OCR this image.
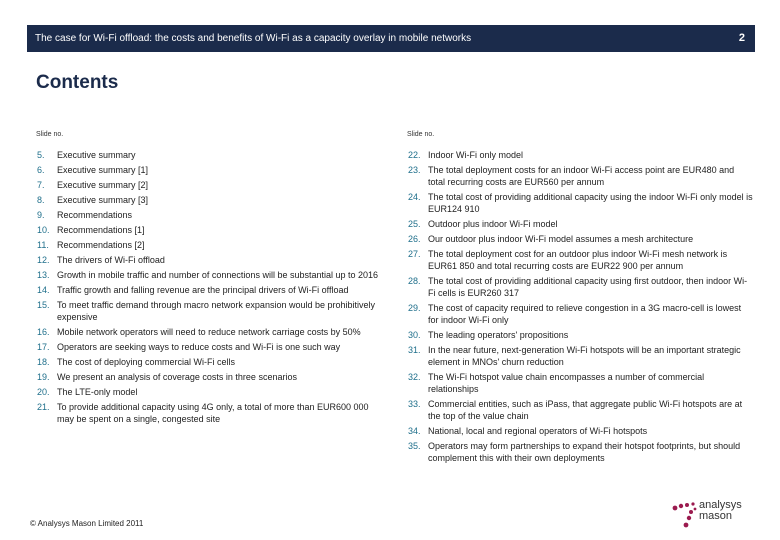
The case for Wi-Fi offload: the costs and benefits of Wi-Fi as a capacity overlay in mobile networks	2
Contents
Slide no.	Slide no.
5. Executive summary
6. Executive summary [1]
7. Executive summary [2]
8. Executive summary [3]
9. Recommendations
10. Recommendations [1]
11. Recommendations [2]
12. The drivers of Wi-Fi offload
13. Growth in mobile traffic and number of connections will be substantial up to 2016
14. Traffic growth and falling revenue are the principal drivers of Wi-Fi offload
15. To meet traffic demand through macro network expansion would be prohibitively expensive
16. Mobile network operators will need to reduce network carriage costs by 50%
17. Operators are seeking ways to reduce costs and Wi-Fi is one such way
18. The cost of deploying commercial Wi-Fi cells
19. We present an analysis of coverage costs in three scenarios
20. The LTE-only model
21. To provide additional capacity using 4G only, a total of more than EUR600 000 may be spent on a single, congested site
22. Indoor Wi-Fi only model
23. The total deployment costs for an indoor Wi-Fi access point are EUR480 and total recurring costs are EUR560 per annum
24. The total cost of providing additional capacity using the indoor Wi-Fi only model is EUR124 910
25. Outdoor plus indoor Wi-Fi model
26. Our outdoor plus indoor Wi-Fi model assumes a mesh architecture
27. The total deployment cost for an outdoor plus indoor Wi-Fi mesh network is EUR61 850 and total recurring costs are EUR22 900 per annum
28. The total cost of providing additional capacity using first outdoor, then indoor Wi-Fi cells is EUR260 317
29. The cost of capacity required to relieve congestion in a 3G macro-cell is lowest for indoor Wi-Fi only
30. The leading operators' propositions
31. In the near future, next-generation Wi-Fi hotspots will be an important strategic element in MNOs' churn reduction
32. The Wi-Fi hotspot value chain encompasses a number of commercial relationships
33. Commercial entities, such as iPass, that aggregate public Wi-Fi hotspots are at the top of the value chain
34. National, local and regional operators of Wi-Fi hotspots
35. Operators may form partnerships to expand their hotspot footprints, but should complement this with their own deployments
© Analysys Mason Limited 2011
analysys
mason
